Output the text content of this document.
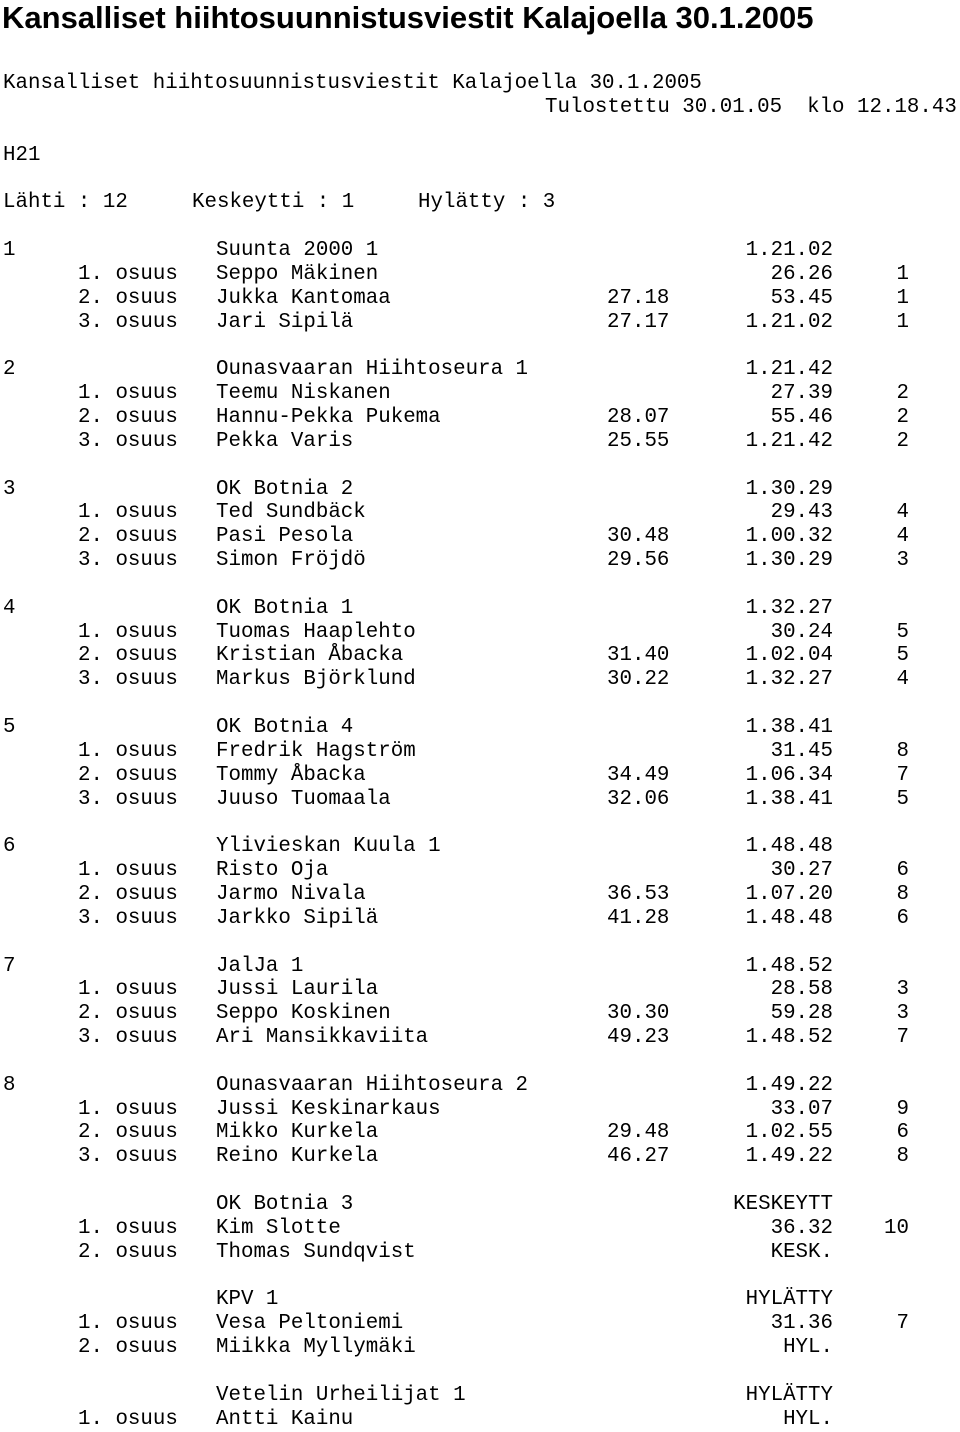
Kansalliset hiihtosuunnistusviestit Kalajoella 30.1.2005
Kansalliset hiihtosuunnistusviestit Kalajoella 30.1.2005
Tulostettu 30.01.05  klo 12.18.43
H21
Lähti : 12	Keskeytti : 1	Hylätty : 3
1	Suunta 2000 1	1.21.02
1. osuus Seppo Mäkinen	26.26	1
2. osuus Jukka Kantomaa	27.18	53.45	1
3. osuus Jari Sipilä	27.17	1.21.02	1
2	Ounasvaaran Hiihtoseura 1	1.21.42
1. osuus Teemu Niskanen	27.39	2
2. osuus Hannu-Pekka Pukema	28.07	55.46	2
3. osuus Pekka Varis	25.55	1.21.42	2
3	OK Botnia 2	1.30.29
1. osuus Ted Sundbäck	29.43	4
2. osuus Pasi Pesola	30.48	1.00.32	4
3. osuus Simon Fröjdö	29.56	1.30.29	3
4	OK Botnia 1	1.32.27
1. osuus Tuomas Haaplehto	30.24	5
2. osuus Kristian Åbacka	31.40	1.02.04	5
3. osuus Markus Björklund	30.22	1.32.27	4
5	OK Botnia 4	1.38.41
1. osuus Fredrik Hagström	31.45	8
2. osuus Tommy Åbacka	34.49	1.06.34	7
3. osuus Juuso Tuomaala	32.06	1.38.41	5
6	Ylivieskan Kuula 1	1.48.48
1. osuus Risto Oja	30.27	6
2. osuus Jarmo Nivala	36.53	1.07.20	8
3. osuus Jarkko Sipilä	41.28	1.48.48	6
7	JalJa 1	1.48.52
1. osuus Jussi Laurila	28.58	3
2. osuus Seppo Koskinen	30.30	59.28	3
3. osuus Ari Mansikkaviita	49.23	1.48.52	7
8	Ounasvaaran Hiihtoseura 2	1.49.22
1. osuus Jussi Keskinarkaus	33.07	9
2. osuus Mikko Kurkela	29.48	1.02.55	6
3. osuus Reino Kurkela	46.27	1.49.22	8
OK Botnia 3	KESKEYTT
1. osuus Kim Slotte	36.32 10
2. osuus Thomas Sundqvist	KESK.
KPV 1	HYLÄTTY
1. osuus Vesa Peltoniemi	31.36	7
2. osuus Miikka Myllymäki	HYL.
Vetelin Urheilijat 1	HYLÄTTY
1. osuus Antti Kainu	HYL.
